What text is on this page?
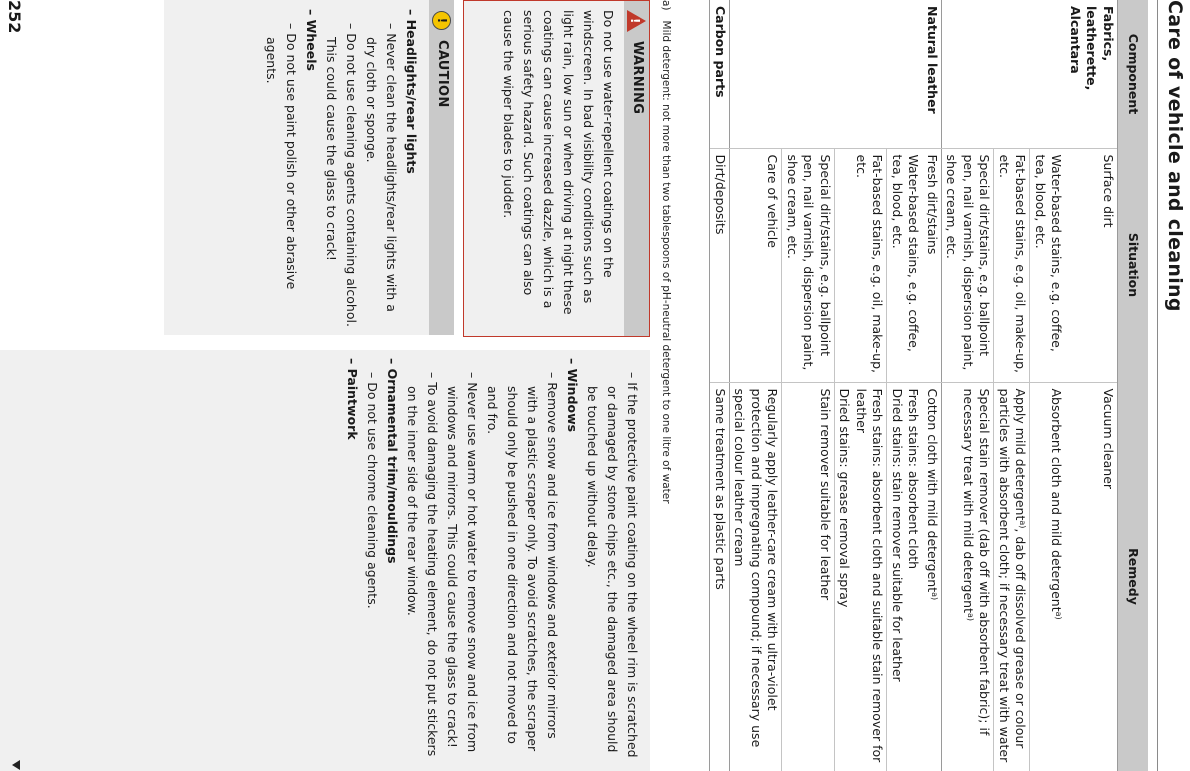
Care of vehicle and cleaning
Component	Situation	Remedy
Fabrics, leatherette, Alcantara	Surface dirt	Vacuum cleaner
	Water-based stains, e.g. coffee, tea, blood, etc.	Absorbent cloth and mild detergent$^{a)}$
	Fat-based stains, e.g. oil, make-up, etc.	Apply mild detergent$^{a)}$, dab off dissolved grease or colour particles with absorbent cloth; if necessary treat with water
	Special dirt/stains, e.g. ballpoint pen, nail varnish, dispersion paint, shoe cream, etc.	Special stain remover (dab off with absorbent fabric); if necessary treat with mild detergent$^{a)}$
Natural leather	Fresh dirt/stains	Cotton cloth with mild detergent$^{a)}$
	Water-based stains, e.g. coffee, tea, blood, etc.	Fresh stains: absorbent cloth
Dried stains: stain remover suitable for leather

	Fat-based stains, e.g. oil, make-up, etc.	Fresh stains: absorbent cloth and suitable stain remover for leather
Dried stains: grease removal spray

	Special dirt/stains, e.g. ballpoint pen, nail varnish, dispersion paint, shoe cream, etc.	Stain remover suitable for leather
	Care of vehicle	Regularly apply leather-care cream with ultra-violet protection and impregnating compound; if necessary use special colour leather cream
Carbon parts	Dirt/deposits	Same treatment as plastic parts
a)Mild detergent: not more than two tablespoons of pH-neutral detergent to one litre of water
!
WARNING
Do not use water-repellent coatings on the windscreen. In bad visibility conditions such as light rain, low sun or when driving at night these coatings can cause increased dazzle, which is a serious safety hazard. Such coatings can also cause the wiper blades to judder.
!
CAUTION
– Headlights/rear lights
– Never clean the headlights/rear lights with a dry cloth or sponge.
– Do not use cleaning agents containing alcohol. This could cause the glass to crack!
– Wheels
– Do not use paint polish or other abrasive agents.
– If the protective paint coating on the wheel rim is scratched or damaged by stone chips etc., the damaged area should be touched up without delay.
– Windows
– Remove snow and ice from windows and exterior mirrors with a plastic scraper only. To avoid scratches, the scraper should only be pushed in one direction and not moved to and fro.
– Never use warm or hot water to remove snow and ice from windows and mirrors. This could cause the glass to crack!
– To avoid damaging the heating element, do not put stickers on the inner side of the rear window.
– Ornamental trim/mouldings
– Do not use chrome cleaning agents.
– Paintwork
252
